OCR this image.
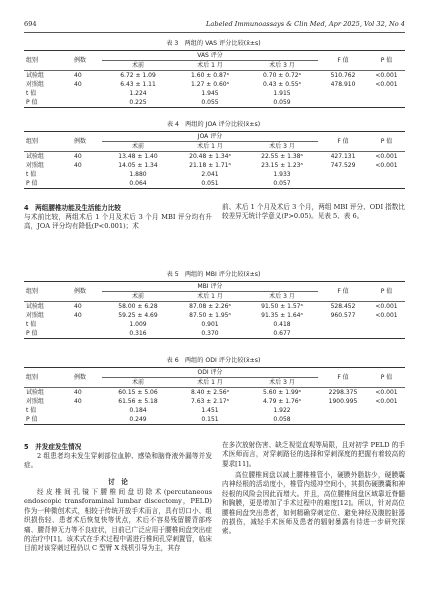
694	Labeled Immunoassays & Clin Med, Apr 2025, Vol 32, No 4
表 3　两组的 VAS 评分比较(x̄±s)
组别	例数	VAS 评分			F 值	P 值
		术前	术后 1 月	术后 3 月		
试验组	40	6.72 ± 1.09	1.60 ± 0.87ᵃ	0.70 ± 0.72ᵃ	510.762	<0.001
对照组	40	6.43 ± 1.11	1.27 ± 0.60ᵃ	0.43 ± 0.55ᵃ	478.910	<0.001
t 值		1.224	1.945	1.915		
P 值		0.225	0.055	0.059		
表 4　两组的 JOA 评分比较(x̄±s)
组别	例数	JOA 评分			F 值	P 值
		术前	术后 1 月	术后 3 月		
试验组	40	13.48 ± 1.40	20.48 ± 1.34ᵃ	22.55 ± 1.38ᵃ	427.131	<0.001
对照组	40	14.05 ± 1.34	21.18 ± 1.71ᵃ	23.15 ± 1.23ᵃ	747.529	<0.001
t 值		1.880	2.041	1.933		
P 值		0.064	0.051	0.057		
4　两组腰椎功能及生活能力比较
与术前比较，两组术后 1 个月及术后 3 个月 MBI 评分均有升高，JOA 评分均有降低(P<0.001)；术
前、术后 1 个月及术后 3 个月，两组 MBI 评分、ODI 指数比较差异无统计学意义(P>0.05)。见表 5、表 6。
表 5　两组的 MBI 评分比较(x̄±s)
组别	例数	MBI 评分			F 值	P 值
		术前	术后 1 月	术后 3 月		
试验组	40	58.00 ± 6.28	87.08 ± 2.26ᵃ	91.50 ± 1.57ᵃ	528.452	<0.001
对照组	40	59.25 ± 4.69	87.50 ± 1.95ᵃ	91.35 ± 1.64ᵃ	960.577	<0.001
t 值		1.009	0.901	0.418		
P 值		0.316	0.370	0.677		
表 6　两组的 ODI 评分比较(x̄±s)
组别	例数	ODI 评分			F 值	P 值
		术前	术后 1 月	术后 3 月		
试验组	40	60.15 ± 5.06	8.40 ± 2.56ᵃ	5.60 ± 1.99ᵃ	2298.375	<0.001
对照组	40	61.56 ± 5.18	7.63 ± 2.17ᵃ	4.79 ± 1.76ᵃ	1900.995	<0.001
t 值		0.184	1.451	1.922		
P 值		0.249	0.151	0.058		
5　并发症发生情况
2 组患者均未发生穿刺部位血肿、感染和脑脊液外漏等并发症。
讨　论
经皮椎间孔镜下腰椎间盘切除术(percutaneous endoscopic transforaminal lumbar discectomy，PELD)作为一种微创术式，相较于传统开放手术而言，具有切口小、组织损伤轻、患者术后恢复快等优点，术后不容易残留腰背部疼痛、腰背伸无力等不良症状，目前已广泛应用于腰椎间盘突出症的治疗中[1]。该术式在手术过程中需进行椎间孔穿刺置管，临床目前对该穿刺过程仍以 C 型臂 X 线机引导为主，其存
在多次放射伤害、缺乏视觉直观等局限，且对初学 PELD 的手术医师而言，对穿刺路径的选择和穿刺深度的把握有着较高的要求[11]。
高位腰椎间盘以减上腰椎椎管小，硬膜外脂肪少，硬膜囊内神经根的活动度小，椎管内缓冲空间小，其损伤硬膜囊和神经根的风险会因此而增大。并且，高位腰椎间盘区域靠近脊髓和胸膜，更是增加了手术过程中的难度[12]。所以，针对高位腰椎间盘突出患者，如何精确穿刺定位、避免神经及腹腔脏器的损伤，减轻手术医师及患者的辐射暴露有待进一步研究探索。
